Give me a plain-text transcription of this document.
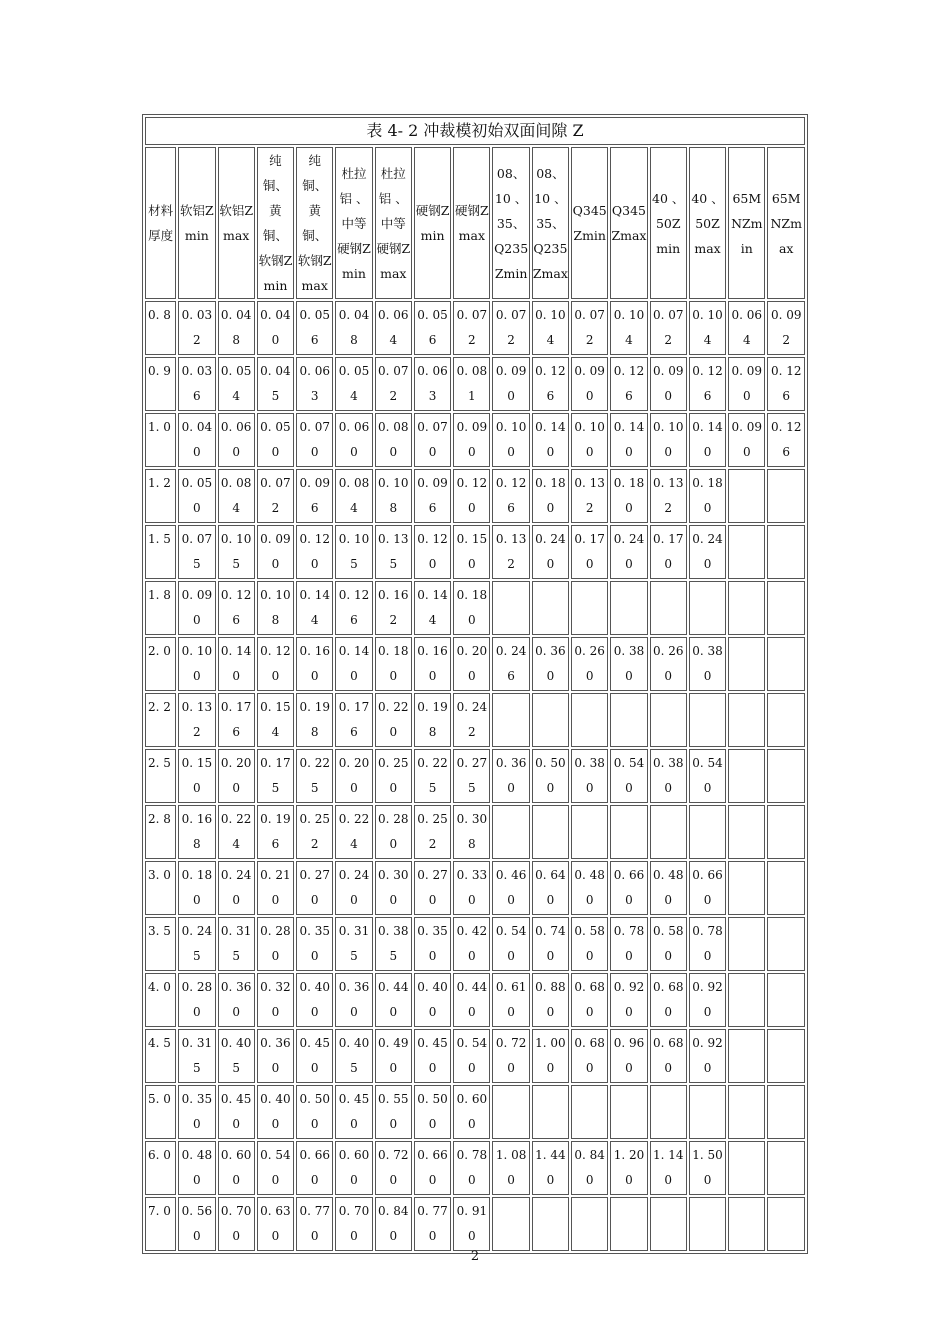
表 4- 2 冲裁模初始双面间隙 Z																
材料厚度	软铝Zmin	软铝Zmax	纯铜、黄铜、软钢Zmin	纯铜、黄铜、软钢Zmax	杜拉铝 、中等硬钢Zmin	杜拉铝 、中等硬钢Zmax	硬钢Zmin	硬钢Zmax	08、10 、35、Q235Zmin	08、10 、35、Q235Zmax	Q345Zmin	Q345Zmax	40 、50Zmin	40 、50Zmax	65MNZmin	65MNZmax
0. 8	0. 032	0. 048	0. 040	0. 056	0. 048	0. 064	0. 056	0. 072	0. 072	0. 104	0. 072	0. 104	0. 072	0. 104	0. 064	0. 092
0. 9	0. 036	0. 054	0. 045	0. 063	0. 054	0. 072	0. 063	0. 081	0. 090	0. 126	0. 090	0. 126	0. 090	0. 126	0. 090	0. 126
1. 0	0. 040	0. 060	0. 050	0. 070	0. 060	0. 080	0. 070	0. 090	0. 100	0. 140	0. 100	0. 140	0. 100	0. 140	0. 090	0. 126
1. 2	0. 050	0. 084	0. 072	0. 096	0. 084	0. 108	0. 096	0. 120	0. 126	0. 180	0. 132	0. 180	0. 132	0. 180		
1. 5	0. 075	0. 105	0. 090	0. 120	0. 105	0. 135	0. 120	0. 150	0. 132	0. 240	0. 170	0. 240	0. 170	0. 240		
1. 8	0. 090	0. 126	0. 108	0. 144	0. 126	0. 162	0. 144	0. 180								
2. 0	0. 100	0. 140	0. 120	0. 160	0. 140	0. 180	0. 160	0. 200	0. 246	0. 360	0. 260	0. 380	0. 260	0. 380		
2. 2	0. 132	0. 176	0. 154	0. 198	0. 176	0. 220	0. 198	0. 242								
2. 5	0. 150	0. 200	0. 175	0. 225	0. 200	0. 250	0. 225	0. 275	0. 360	0. 500	0. 380	0. 540	0. 380	0. 540		
2. 8	0. 168	0. 224	0. 196	0. 252	0. 224	0. 280	0. 252	0. 308								
3. 0	0. 180	0. 240	0. 210	0. 270	0. 240	0. 300	0. 270	0. 330	0. 460	0. 640	0. 480	0. 660	0. 480	0. 660		
3. 5	0. 245	0. 315	0. 280	0. 350	0. 315	0. 385	0. 350	0. 420	0. 540	0. 740	0. 580	0. 780	0. 580	0. 780		
4. 0	0. 280	0. 360	0. 320	0. 400	0. 360	0. 440	0. 400	0. 440	0. 610	0. 880	0. 680	0. 920	0. 680	0. 920		
4. 5	0. 315	0. 405	0. 360	0. 450	0. 405	0. 490	0. 450	0. 540	0. 720	1. 000	0. 680	0. 960	0. 680	0. 920		
5. 0	0. 350	0. 450	0. 400	0. 500	0. 450	0. 550	0. 500	0. 600								
6. 0	0. 480	0. 600	0. 540	0. 660	0. 600	0. 720	0. 660	0. 780	1. 080	1. 440	0. 840	1. 200	1. 140	1. 500		
7. 0	0. 560	0. 700	0. 630	0. 770	0. 700	0. 840	0. 770	0. 910								
2
